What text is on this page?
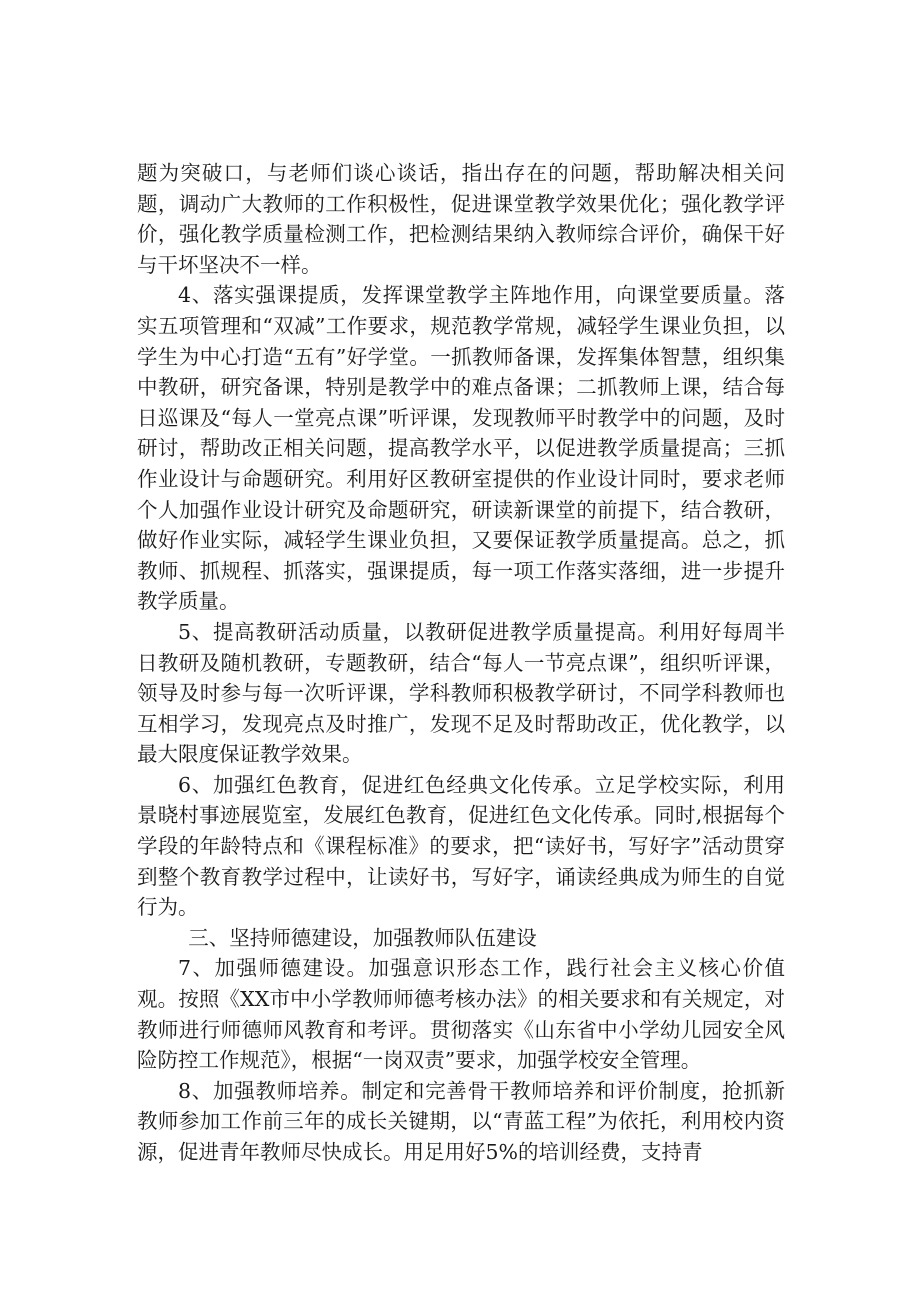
题为突破口，与老师们谈心谈话，指出存在的问题，帮助解决相关问题，调动广大教师的工作积极性，促进课堂教学效果优化；强化教学评价，强化教学质量检测工作，把检测结果纳入教师综合评价，确保干好与干坏坚决不一样。

4、落实强课提质，发挥课堂教学主阵地作用，向课堂要质量。落实五项管理和“双减”工作要求，规范教学常规，减轻学生课业负担，以学生为中心打造“五有”好学堂。一抓教师备课，发挥集体智慧，组织集中教研，研究备课，特别是教学中的难点备课；二抓教师上课，结合每日巡课及“每人一堂亮点课”听评课，发现教师平时教学中的问题，及时研讨，帮助改正相关问题，提高教学水平，以促进教学质量提高；三抓作业设计与命题研究。利用好区教研室提供的作业设计同时，要求老师个人加强作业设计研究及命题研究，研读新课堂的前提下，结合教研，做好作业实际，减轻学生课业负担，又要保证教学质量提高。总之，抓教师、抓规程、抓落实，强课提质，每一项工作落实落细，进一步提升教学质量。

5、提高教研活动质量，以教研促进教学质量提高。利用好每周半日教研及随机教研，专题教研，结合“每人一节亮点课”，组织听评课，领导及时参与每一次听评课，学科教师积极教学研讨，不同学科教师也互相学习，发现亮点及时推广，发现不足及时帮助改正，优化教学，以最大限度保证教学效果。

6、加强红色教育，促进红色经典文化传承。立足学校实际，利用景晓村事迹展览室，发展红色教育，促进红色文化传承。同时,根据每个学段的年龄特点和《课程标准》的要求，把“读好书，写好字”活动贯穿到整个教育教学过程中，让读好书，写好字，诵读经典成为师生的自觉行为。

三、坚持师德建设，加强教师队伍建设

7、加强师德建设。加强意识形态工作，践行社会主义核心价值观。按照《XX市中小学教师师德考核办法》的相关要求和有关规定，对教师进行师德师风教育和考评。贯彻落实《山东省中小学幼儿园安全风险防控工作规范》，根据“一岗双责”要求，加强学校安全管理。

8、加强教师培养。制定和完善骨干教师培养和评价制度，抢抓新教师参加工作前三年的成长关键期，以“青蓝工程”为依托，利用校内资源，促进青年教师尽快成长。用足用好5%的培训经费，支持青
